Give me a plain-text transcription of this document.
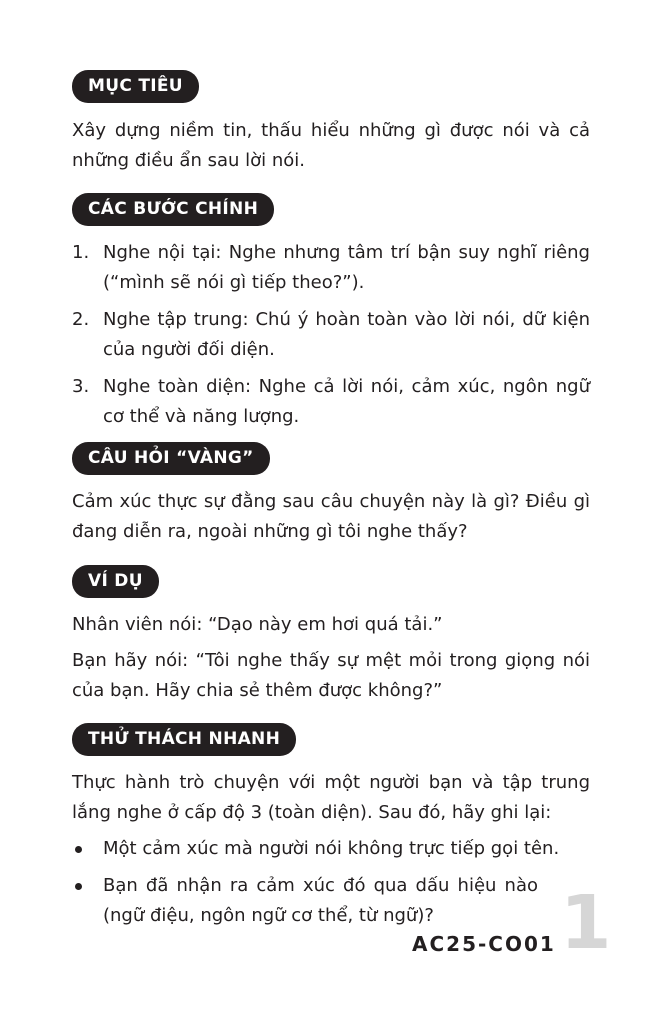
MỤC TIÊU

Xây dựng niềm tin, thấu hiểu những gì được nói và cả những điều ẩn sau lời nói.

CÁC BƯỚC CHÍNH
1. Nghe nội tại: Nghe nhưng tâm trí bận suy nghĩ riêng (“mình sẽ nói gì tiếp theo?”).
2. Nghe tập trung: Chú ý hoàn toàn vào lời nói, dữ kiện của người đối diện.
3. Nghe toàn diện: Nghe cả lời nói, cảm xúc, ngôn ngữ cơ thể và năng lượng.
CÂU HỎI “VÀNG”

Cảm xúc thực sự đằng sau câu chuyện này là gì? Điều gì đang diễn ra, ngoài những gì tôi nghe thấy?

VÍ DỤ

Nhân viên nói: “Dạo này em hơi quá tải.”

Bạn hãy nói: “Tôi nghe thấy sự mệt mỏi trong giọng nói của bạn. Hãy chia sẻ thêm được không?”

THỬ THÁCH NHANH

Thực hành trò chuyện với một người bạn và tập trung lắng nghe ở cấp độ 3 (toàn diện). Sau đó, hãy ghi lại:

Một cảm xúc mà người nói không trực tiếp gọi tên.
Bạn đã nhận ra cảm xúc đó qua dấu hiệu nào (ngữ điệu, ngôn ngữ cơ thể, từ ngữ)?
AC25-CO01 1
